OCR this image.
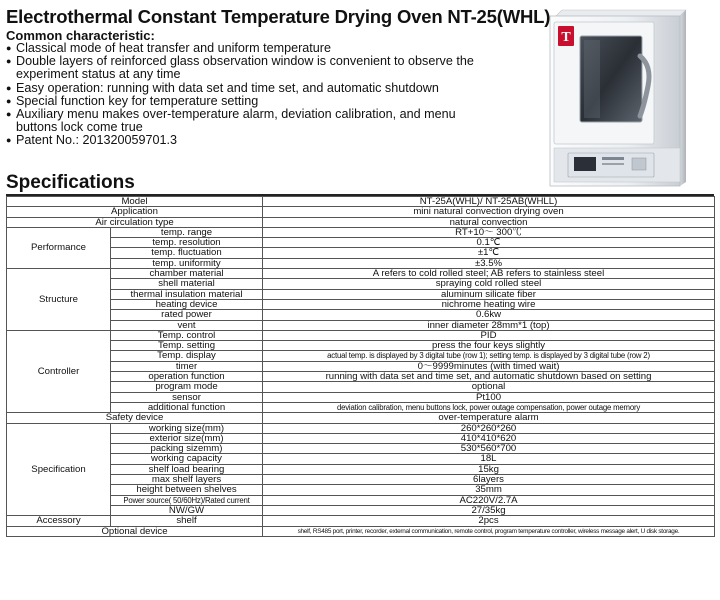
Electrothermal Constant Temperature Drying Oven NT-25(WHL)
Common characteristic:
● Classical mode of heat transfer and uniform temperature
● Double layers of reinforced glass observation window is convenient to observe the experiment status at any time
● Easy operation: running with data set and time set, and automatic shutdown
● Special function key for temperature setting
● Auxiliary menu makes over-temperature alarm, deviation calibration, and menu buttons lock come true
● Patent No.: 201320059701.3
T
Specifications
Model		NT-25A(WHL)/ NT-25AB(WHLL)
Application		mini natural convection drying oven
Air circulation type		natural convection
Performance	temp. range	RT+10～ 300℃
	temp. resolution	0.1℃
	temp. fluctuation	±1℃
	temp. uniformity	±3.5%
Structure	chamber material	A refers to cold rolled steel; AB refers to stainless steel
	shell material	spraying cold rolled steel
	thermal insulation material	aluminum silicate fiber
	heating device	nichrome heating wire
	rated power	0.6kw
	vent	inner diameter 28mm*1 (top)
Controller	Temp. control	PID
	Temp. setting	press the four keys slightly
	Temp. display	actual temp. is displayed by 3 digital tube (row 1); setting temp. is displayed by 3 digital tube (row 2)
	timer	0～9999minutes (with timed wait)
	operation function	running with data set and time set, and automatic shutdown based on setting
	program mode	optional
	sensor	Pt100
	additional function	deviation calibration, menu buttons lock, power outage compensation, power outage memory
Safety device		over-temperature alarm
Specification	working size(mm)	260*260*260
	exterior size(mm)	410*410*620
	packing sizemm)	530*560*700
	working capacity	18L
	shelf load bearing	15kg
	max shelf layers	6layers
	height between shelves	35mm
	Power source( 50/60Hz)/Rated current	AC220V/2.7A
	NW/GW	27/35kg
Accessory	shelf	2pcs
Optional device		shelf, RS485 port, printer, recorder, external communication, remote control, program temperature controller, wireless message alert, U disk storage.
